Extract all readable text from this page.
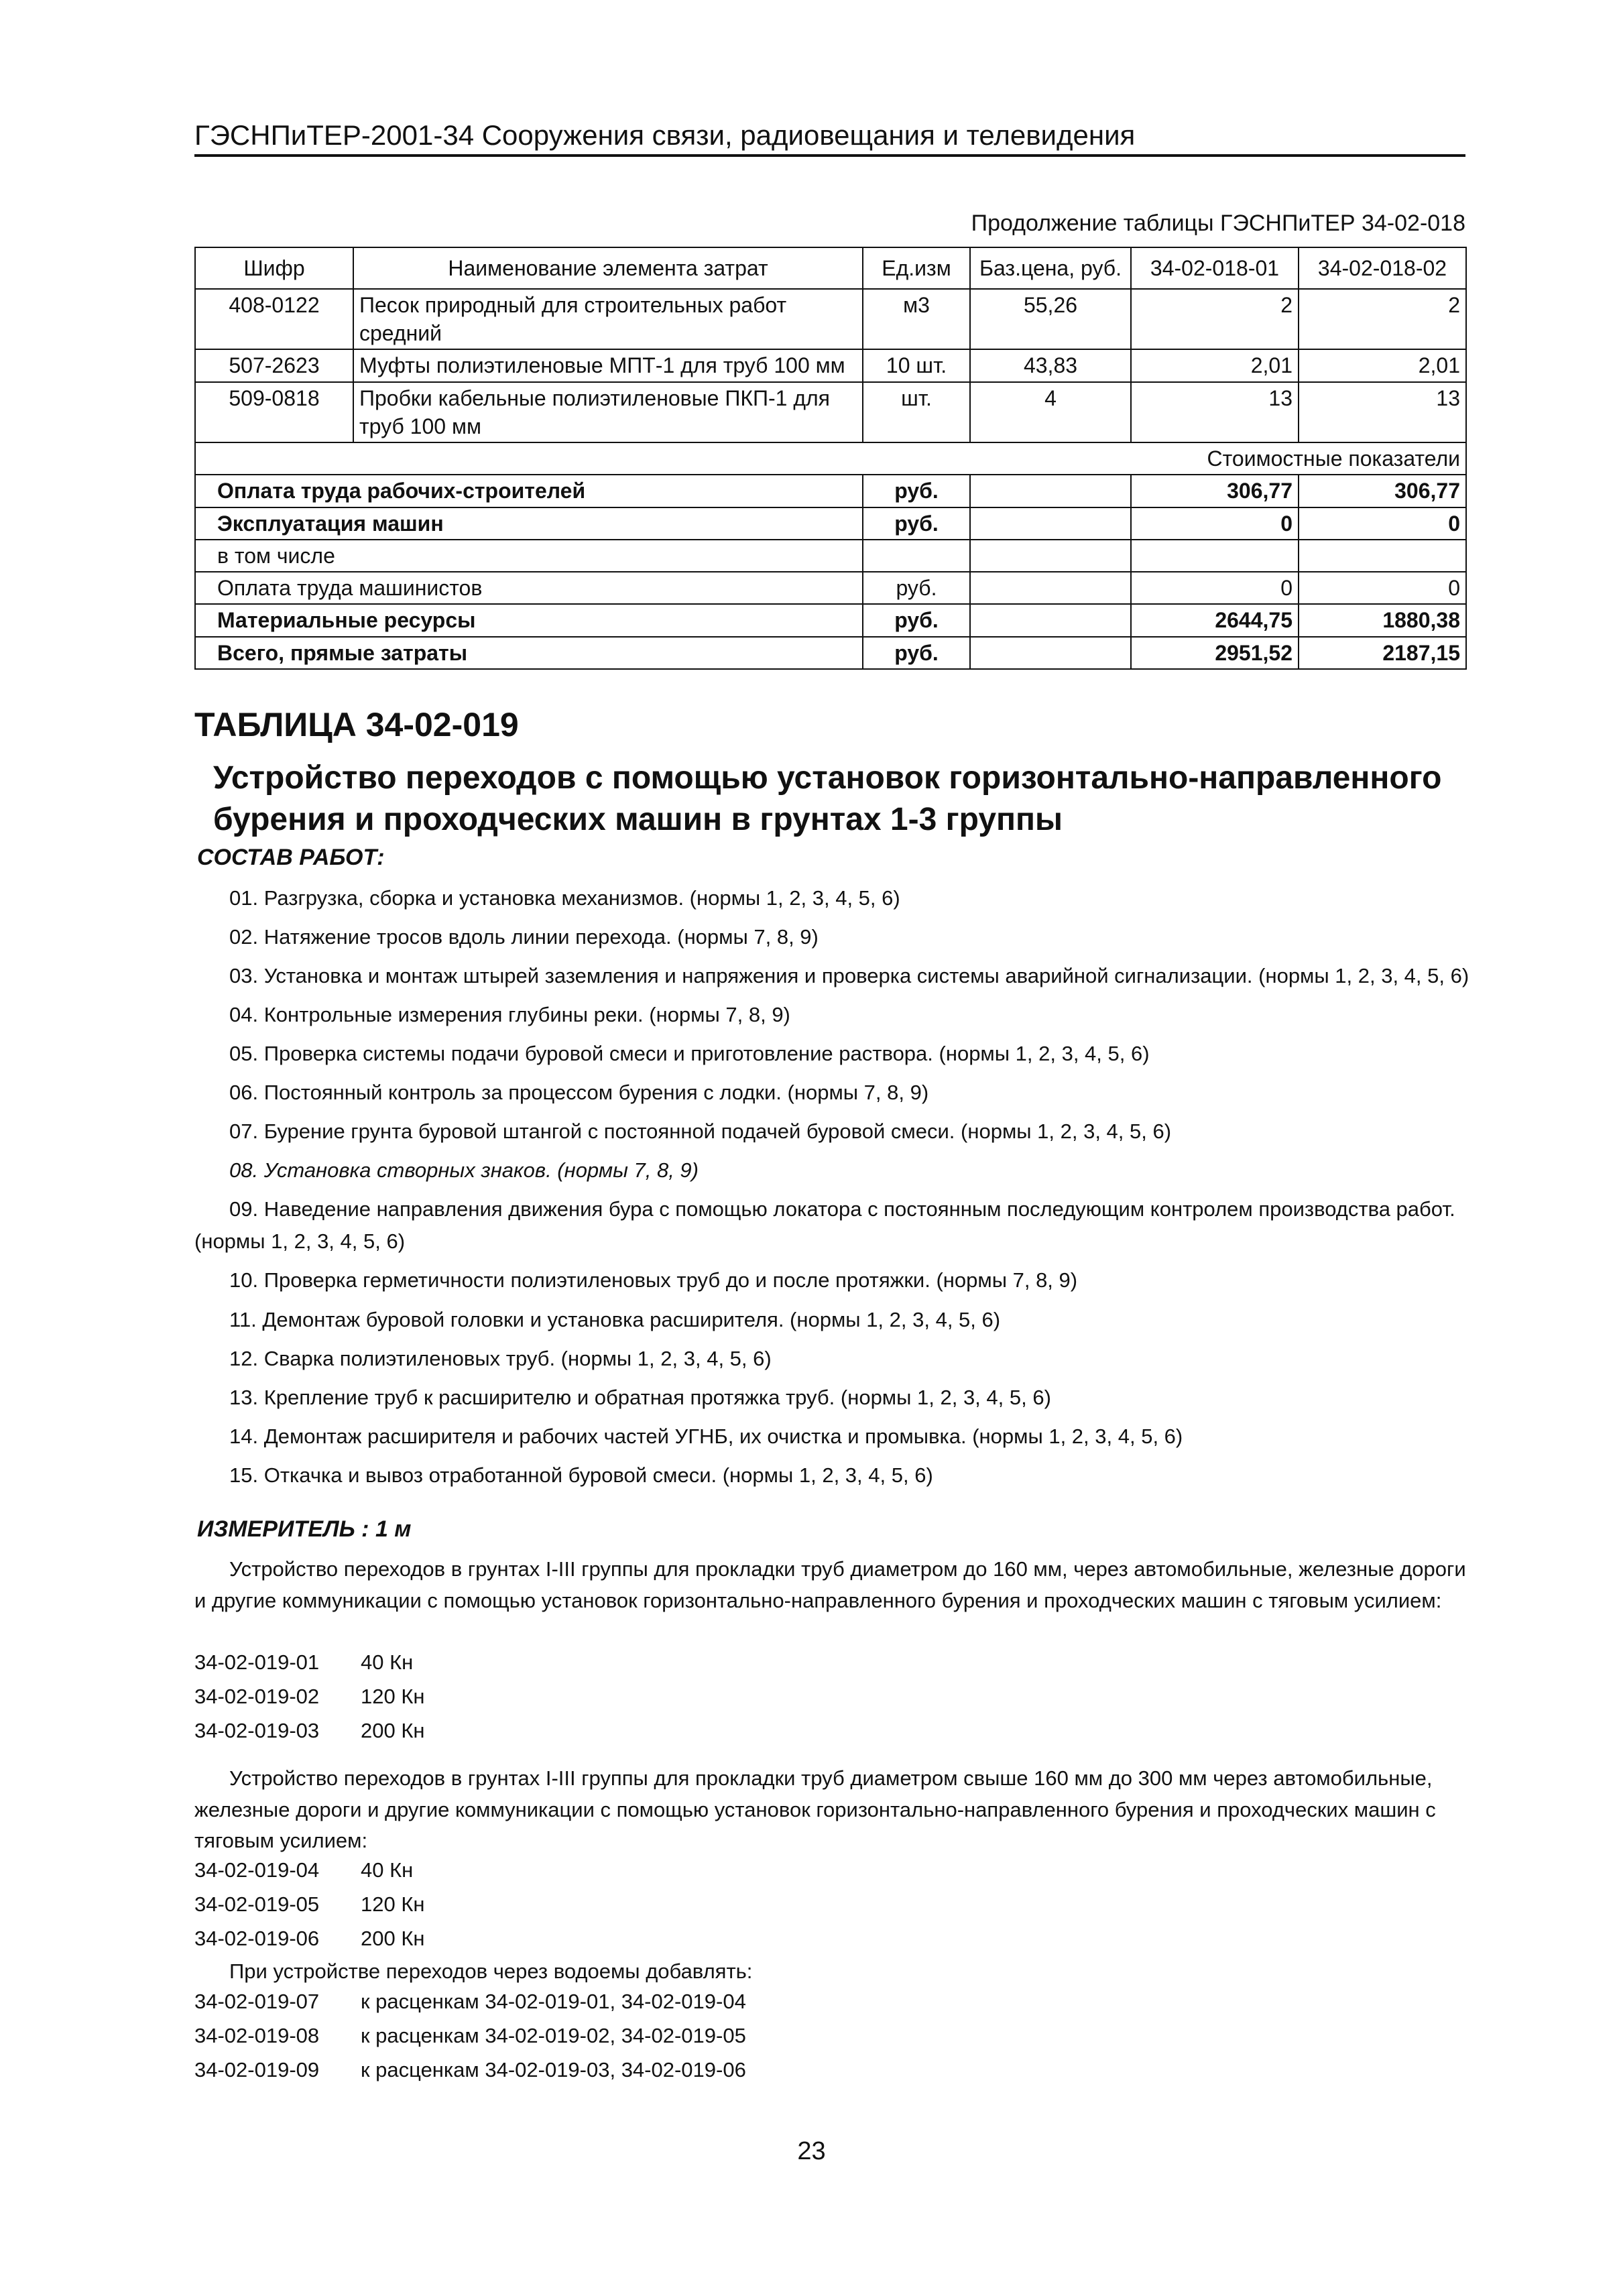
ГЭСНПиТЕР-2001-34 Сооружения связи, радиовещания и телевидения
Продолжение таблицы ГЭСНПиТЕР 34-02-018
Шифр	Наименование элемента затрат	Ед.изм	Баз.цена, руб.	34-02-018-01	34-02-018-02
408-0122	Песок природный для строительных работ средний	м3	55,26	2	2
507-2623	Муфты полиэтиленовые МПТ-1 для труб 100 мм	10 шт.	43,83	2,01	2,01
509-0818	Пробки кабельные полиэтиленовые ПКП-1 для труб 100 мм	шт.	4	13	13
Стоимостные показатели					
Оплата труда рабочих-строителей		руб.		306,77	306,77
Эксплуатация машин		руб.		0	0
в том числе					
Оплата труда машинистов		руб.		0	0
Материальные ресурсы		руб.		2644,75	1880,38
Всего, прямые затраты		руб.		2951,52	2187,15
ТАБЛИЦА 34-02-019
Устройство переходов с помощью установок горизонтально-направленного бурения и проходческих машин в грунтах 1-3 группы
СОСТАВ РАБОТ:
01. Разгрузка, сборка и установка механизмов. (нормы 1, 2, 3, 4, 5, 6)
02. Натяжение тросов вдоль линии перехода. (нормы 7, 8, 9)
03. Установка и монтаж штырей заземления и напряжения и проверка системы аварийной сигнализации. (нормы 1, 2, 3, 4, 5, 6)
04. Контрольные измерения глубины реки. (нормы 7, 8, 9)
05. Проверка системы подачи буровой смеси и приготовление раствора. (нормы 1, 2, 3, 4, 5, 6)
06. Постоянный контроль за процессом бурения с лодки. (нормы 7, 8, 9)
07. Бурение грунта буровой штангой с постоянной подачей буровой смеси. (нормы 1, 2, 3, 4, 5, 6)
08. Установка створных знаков. (нормы 7, 8, 9)
09. Наведение направления движения бура с помощью локатора с постоянным последующим контролем производства работ. (нормы 1, 2, 3, 4, 5, 6)
10. Проверка герметичности полиэтиленовых труб до и после протяжки. (нормы 7, 8, 9)
11. Демонтаж буровой головки и установка расширителя. (нормы 1, 2, 3, 4, 5, 6)
12. Сварка полиэтиленовых труб. (нормы 1, 2, 3, 4, 5, 6)
13. Крепление труб к расширителю и обратная протяжка труб. (нормы 1, 2, 3, 4, 5, 6)
14. Демонтаж расширителя и рабочих частей УГНБ, их очистка и промывка. (нормы 1, 2, 3, 4, 5, 6)
15. Откачка и вывоз отработанной буровой смеси. (нормы 1, 2, 3, 4, 5, 6)
ИЗМЕРИТЕЛЬ : 1 м
Устройство переходов в грунтах I-III группы для прокладки труб диаметром до 160 мм, через автомобильные, железные дороги и другие коммуникации с помощью установок горизонтально-направленного бурения и проходческих машин с тяговым усилием:
34-02-019-01 40 Кн
34-02-019-02 120 Кн
34-02-019-03 200 Кн
Устройство переходов в грунтах I-III группы для прокладки труб диаметром свыше 160 мм до 300 мм через автомобильные, железные дороги и другие коммуникации с помощью установок горизонтально-направленного бурения и проходческих машин с тяговым усилием:
34-02-019-04 40 Кн
34-02-019-05 120 Кн
34-02-019-06 200 Кн
При устройстве переходов через водоемы добавлять:
34-02-019-07 к расценкам 34-02-019-01, 34-02-019-04
34-02-019-08 к расценкам 34-02-019-02, 34-02-019-05
34-02-019-09 к расценкам 34-02-019-03, 34-02-019-06
23
